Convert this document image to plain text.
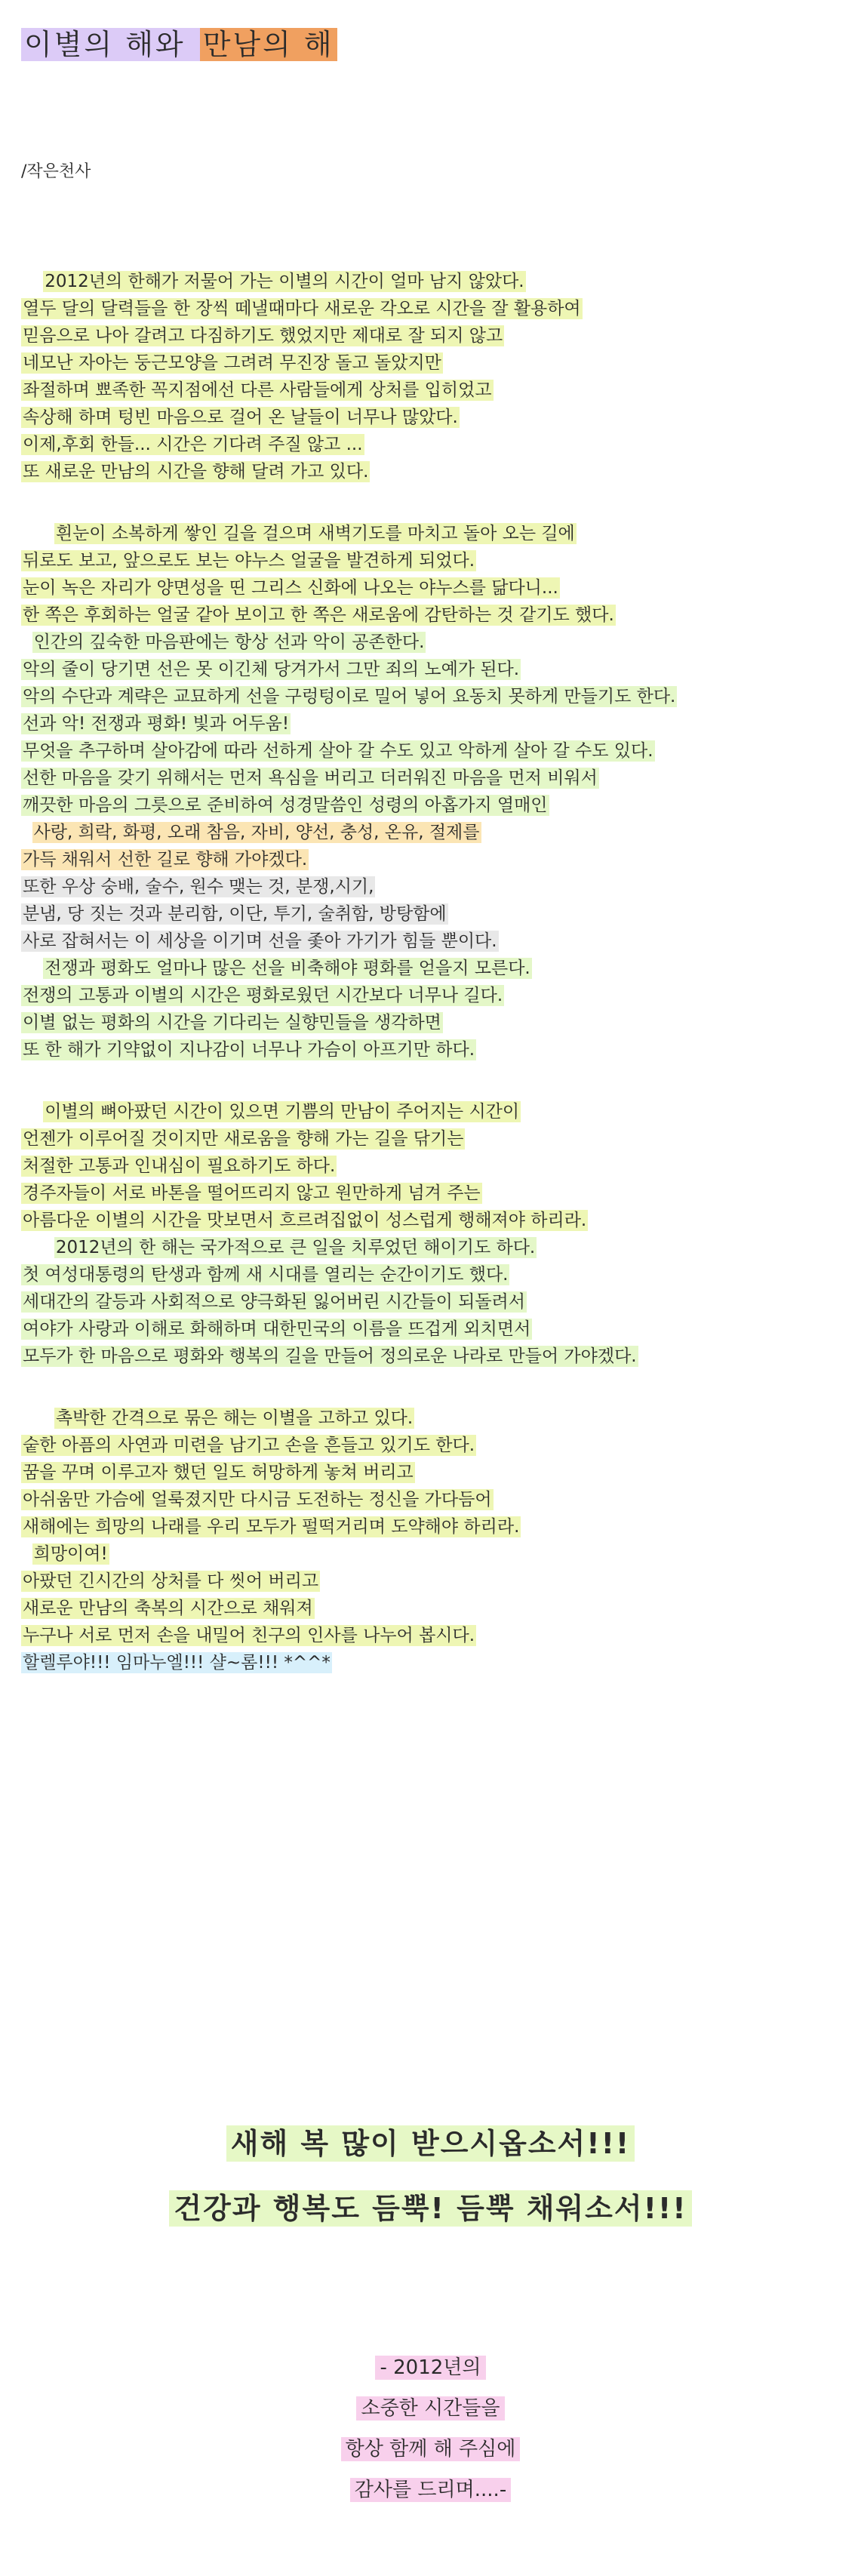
이별의 해와 만남의 해
/작은천사
2012년의 한해가 저물어 가는 이별의 시간이 얼마 남지 않았다.
열두 달의 달력들을 한 장씩 떼낼때마다 새로운 각오로 시간을 잘 활용하여
믿음으로 나아 갈려고 다짐하기도 했었지만 제대로 잘 되지 않고
네모난 자아는 둥근모양을 그려려 무진장 돌고 돌았지만
좌절하며 뾰족한 꼭지점에선 다른 사람들에게 상처를 입히었고
속상해 하며 텅빈 마음으로 걸어 온 날들이 너무나 많았다.
이제,후회 한들... 시간은 기다려 주질 않고 ...
또 새로운 만남의 시간을 향해 달려 가고 있다.
흰눈이 소복하게 쌓인 길을 걸으며 새벽기도를 마치고 돌아 오는 길에
뒤로도 보고, 앞으로도 보는 야누스 얼굴을 발견하게 되었다.
눈이 녹은 자리가 양면성을 띤 그리스 신화에 나오는 야누스를 닮다니...
한 쪽은 후회하는 얼굴 같아 보이고 한 쪽은 새로움에 감탄하는 것 같기도 했다.
인간의 깊숙한 마음판에는 항상 선과 악이 공존한다.
악의 줄이 당기면 선은 못 이긴체 당겨가서 그만 죄의 노예가 된다.
악의 수단과 계략은 교묘하게 선을 구렁텅이로 밀어 넣어 요동치 못하게 만들기도 한다.
선과 악! 전쟁과 평화! 빛과 어두움!
무엇을 추구하며 살아감에 따라 선하게 살아 갈 수도 있고 악하게 살아 갈 수도 있다.
선한 마음을 갖기 위해서는 먼저 욕심을 버리고 더러워진 마음을 먼저 비워서
깨끗한 마음의 그릇으로 준비하여 성경말씀인 성령의 아홉가지 열매인
사랑, 희락, 화평, 오래 참음, 자비, 양선, 충성, 온유, 절제를
가득 채워서 선한 길로 향해 가야겠다.
또한 우상 숭배, 술수, 원수 맺는 것, 분쟁,시기,
분냄, 당 짓는 것과 분리함, 이단, 투기, 술취함, 방탕함에
사로 잡혀서는 이 세상을 이기며 선을 좇아 가기가 힘들 뿐이다.
전쟁과 평화도 얼마나 많은 선을 비축해야 평화를 얻을지 모른다.
전쟁의 고통과 이별의 시간은 평화로웠던 시간보다 너무나 길다.
이별 없는 평화의 시간을 기다리는 실향민들을 생각하면
또 한 해가 기약없이 지나감이 너무나 가슴이 아프기만 하다.
이별의 뼈아팠던 시간이 있으면 기쁨의 만남이 주어지는 시간이
언젠가 이루어질 것이지만 새로움을 향해 가는 길을 닦기는
처절한 고통과 인내심이 필요하기도 하다.
경주자들이 서로 바톤을 떨어뜨리지 않고 원만하게 넘겨 주는
아름다운 이별의 시간을 맛보면서 흐르려집없이 성스럽게 행해져야 하리라.
2012년의 한 해는 국가적으로 큰 일을 치루었던 해이기도 하다.
첫 여성대통령의 탄생과 함께 새 시대를 열리는 순간이기도 했다.
세대간의 갈등과 사회적으로 양극화된 잃어버린 시간들이 되돌려서
여야가 사랑과 이해로 화해하며 대한민국의 이름을 뜨겁게 외치면서
모두가 한 마음으로 평화와 행복의 길을 만들어 정의로운 나라로 만들어 가야겠다.
촉박한 간격으로 묶은 해는 이별을 고하고 있다.
숱한 아픔의 사연과 미련을 남기고 손을 흔들고 있기도 한다.
꿈을 꾸며 이루고자 했던 일도 허망하게 놓쳐 버리고
아쉬움만 가슴에 얼룩졌지만 다시금 도전하는 정신을 가다듬어
새해에는 희망의 나래를 우리 모두가 펄떡거리며 도약해야 하리라.
희망이여!
아팠던 긴시간의 상처를 다 씻어 버리고
새로운 만남의 축복의 시간으로 채워져
누구나 서로 먼저 손을 내밀어 친구의 인사를 나누어 봅시다.
할렐루야!!! 임마누엘!!! 샬~롬!!! *^^*
새해 복 많이 받으시옵소서!!!
건강과 행복도 듬뿍! 듬뿍 채워소서!!!
- 2012년의
소중한 시간들을
항상 함께 해 주심에
감사를 드리며....-
